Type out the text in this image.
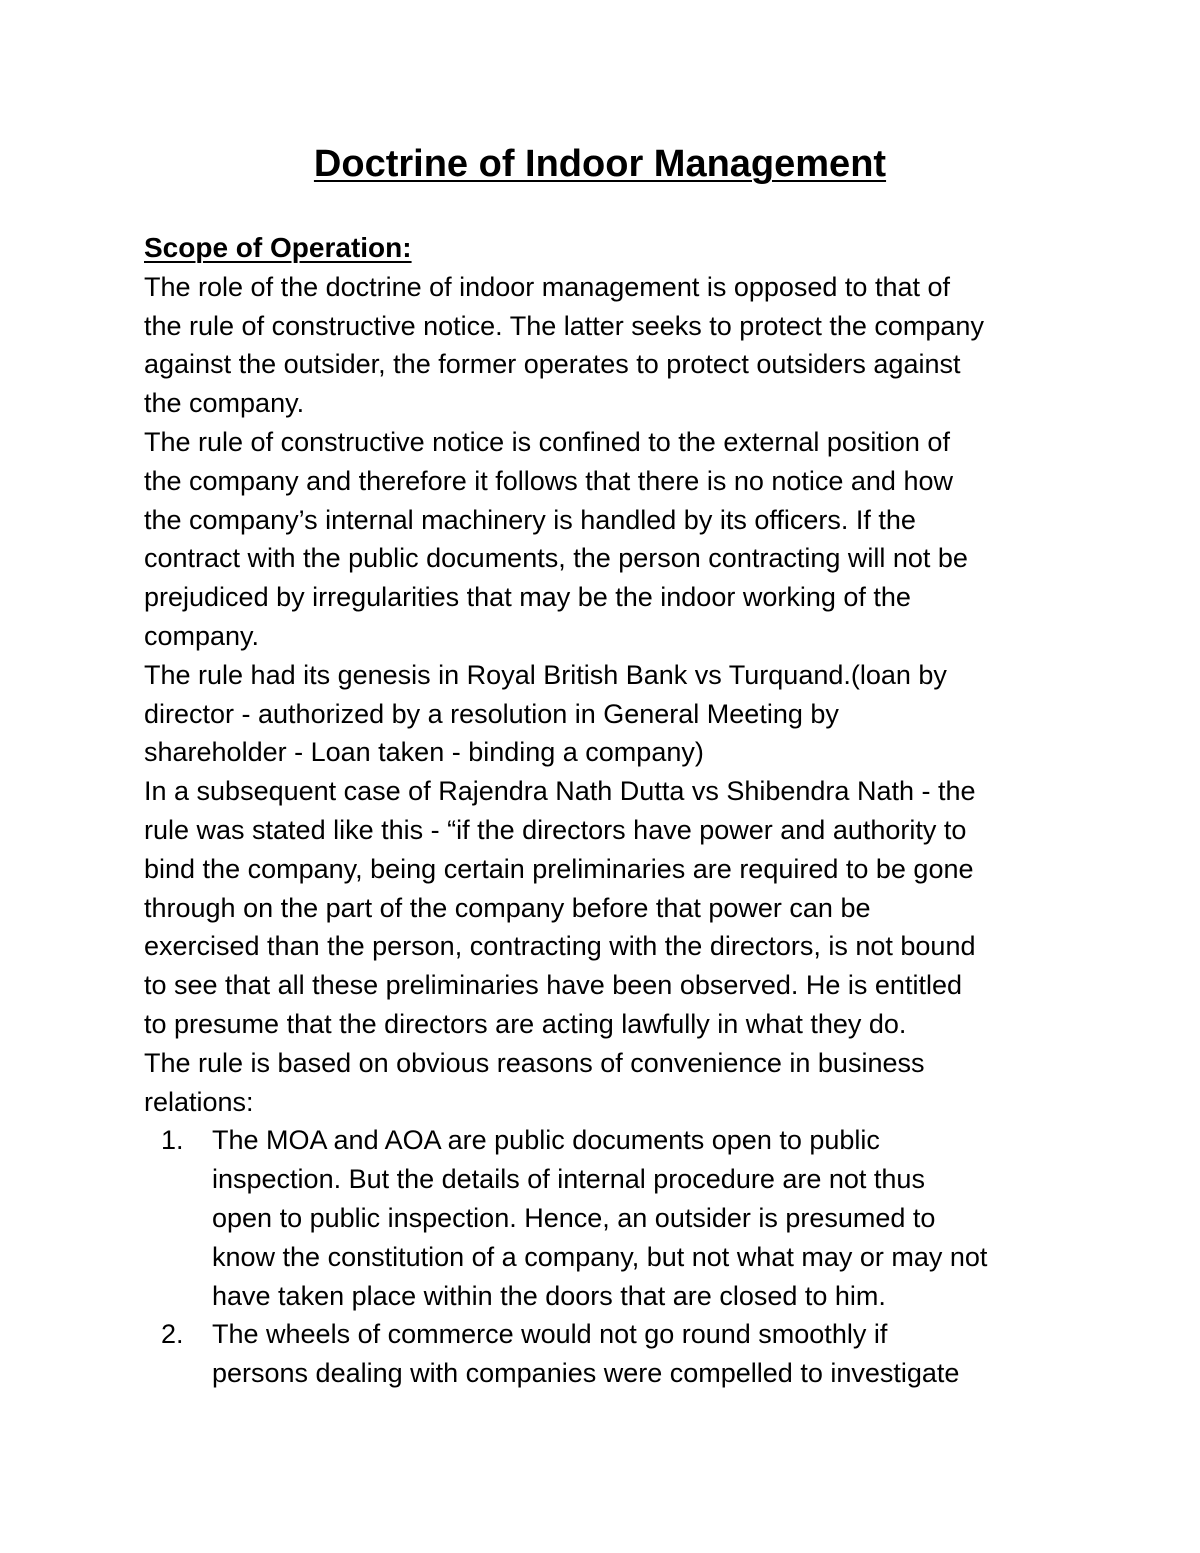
Doctrine of Indoor Management
Scope of Operation:

The role of the doctrine of indoor management is opposed to that of
the rule of constructive notice. The latter seeks to protect the company
against the outsider, the former operates to protect outsiders against
the company.

The rule of constructive notice is confined to the external position of
the company and therefore it follows that there is no notice and how
the company’s internal machinery is handled by its officers. If the
contract with the public documents, the person contracting will not be
prejudiced by irregularities that may be the indoor working of the
company.

The rule had its genesis in Royal British Bank vs Turquand.(loan by
director - authorized by a resolution in General Meeting by
shareholder - Loan taken - binding a company)

In a subsequent case of Rajendra Nath Dutta vs Shibendra Nath - the
rule was stated like this - “if the directors have power and authority to
bind the company, being certain preliminaries are required to be gone
through on the part of the company before that power can be
exercised than the person, contracting with the directors, is not bound
to see that all these preliminaries have been observed. He is entitled
to presume that the directors are acting lawfully in what they do.

The rule is based on obvious reasons of convenience in business
relations:

1. The MOA and AOA are public documents open to public
inspection. But the details of internal procedure are not thus
open to public inspection. Hence, an outsider is presumed to
know the constitution of a company, but not what may or may not
have taken place within the doors that are closed to him.
2. The wheels of commerce would not go round smoothly if
persons dealing with companies were compelled to investigate
